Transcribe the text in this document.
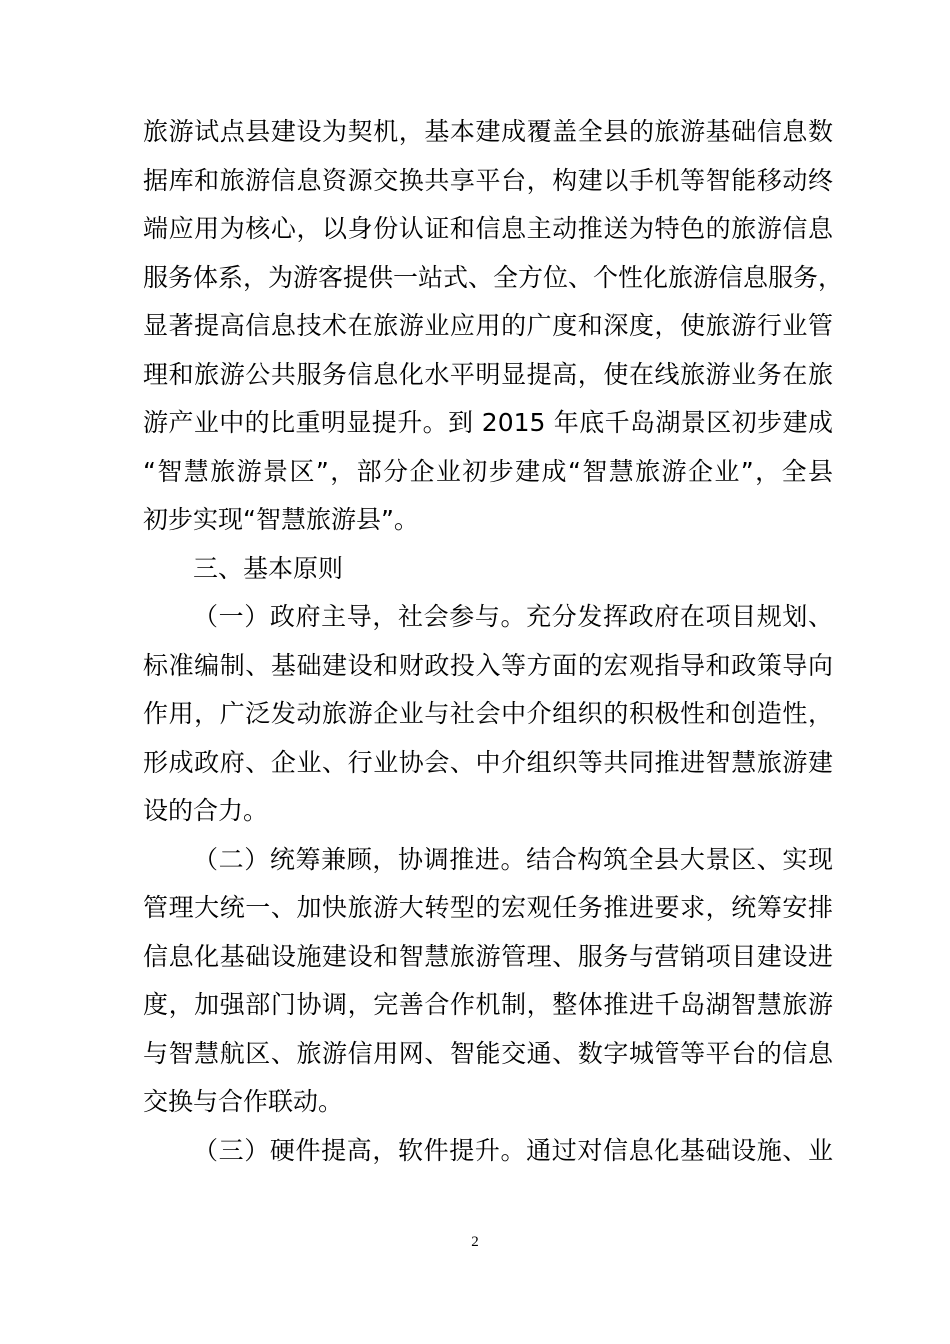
旅游试点县建设为契机，基本建成覆盖全县的旅游基础信息数
据库和旅游信息资源交换共享平台，构建以手机等智能移动终
端应用为核心，以身份认证和信息主动推送为特色的旅游信息
服务体系，为游客提供一站式、全方位、个性化旅游信息服务，
显著提高信息技术在旅游业应用的广度和深度，使旅游行业管
理和旅游公共服务信息化水平明显提高，使在线旅游业务在旅
游产业中的比重明显提升。到 2015 年底千岛湖景区初步建成
“智慧旅游景区”，部分企业初步建成“智慧旅游企业”，全县
初步实现“智慧旅游县”。
三、基本原则
（一）政府主导，社会参与。充分发挥政府在项目规划、
标准编制、基础建设和财政投入等方面的宏观指导和政策导向
作用，广泛发动旅游企业与社会中介组织的积极性和创造性，
形成政府、企业、行业协会、中介组织等共同推进智慧旅游建
设的合力。
（二）统筹兼顾，协调推进。结合构筑全县大景区、实现
管理大统一、加快旅游大转型的宏观任务推进要求，统筹安排
信息化基础设施建设和智慧旅游管理、服务与营销项目建设进
度，加强部门协调，完善合作机制，整体推进千岛湖智慧旅游
与智慧航区、旅游信用网、智能交通、数字城管等平台的信息
交换与合作联动。
（三）硬件提高，软件提升。通过对信息化基础设施、业
2
